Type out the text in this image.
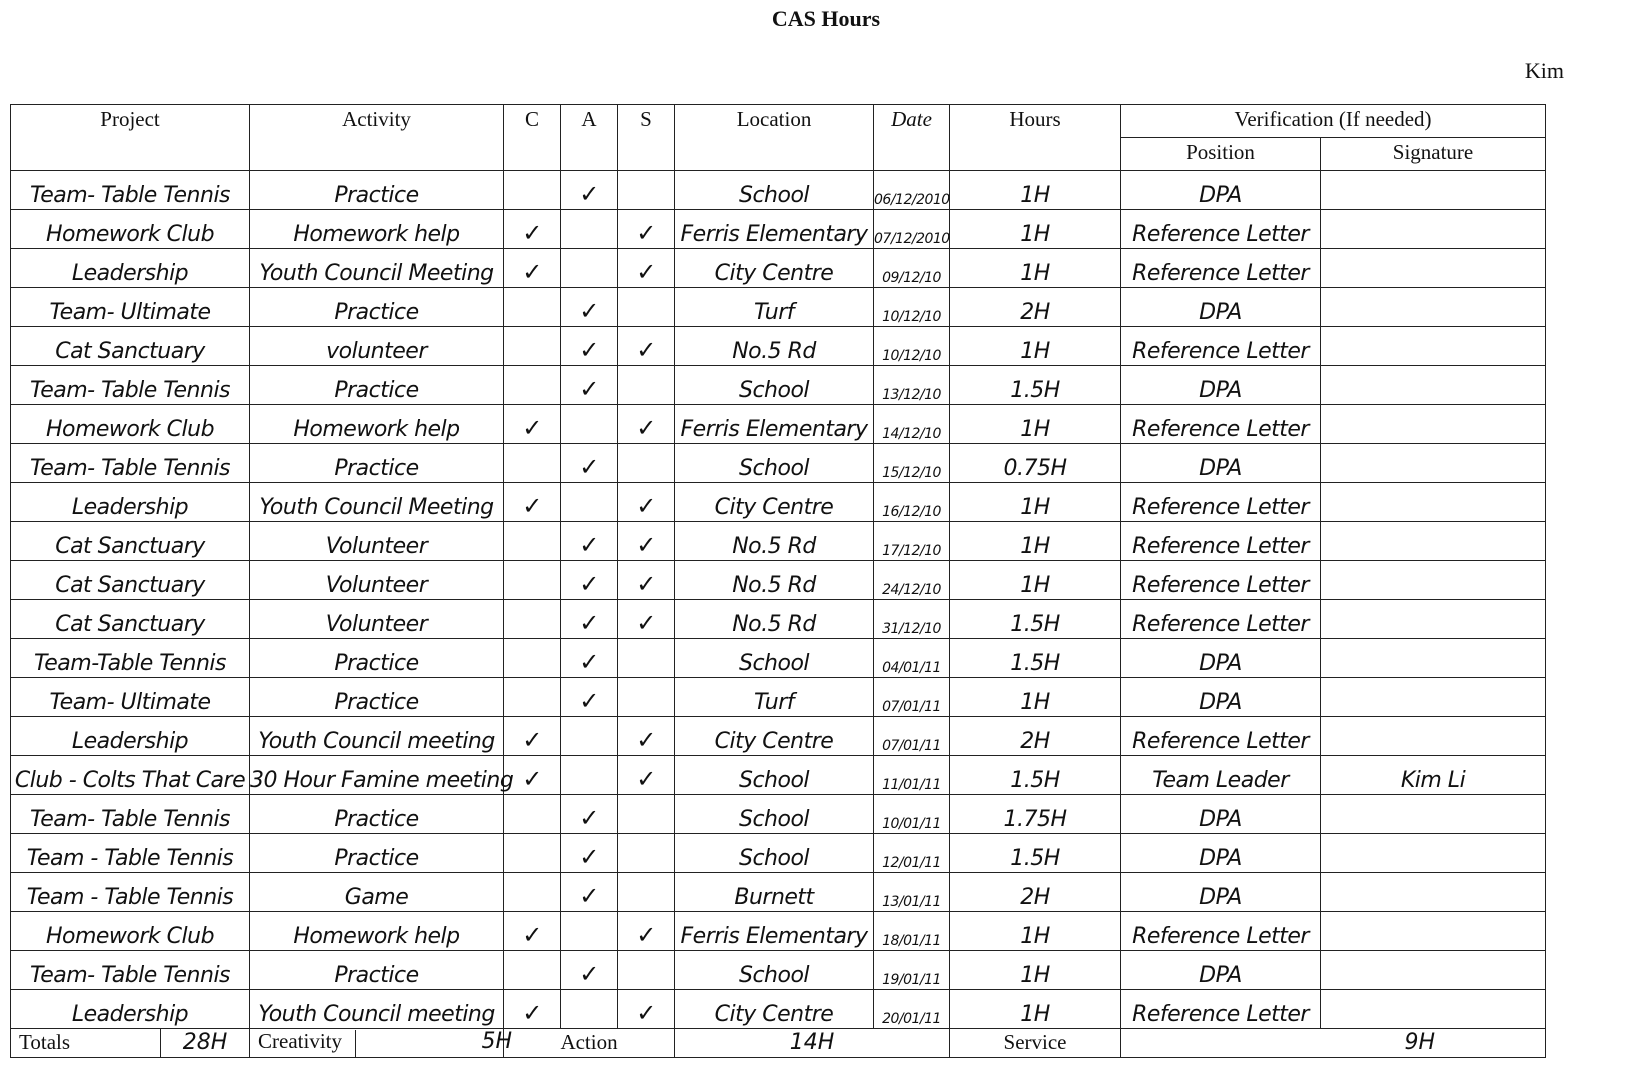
CAS Hours
Kim
Project		Activity	C	A	S	Location	Date	Hours	Verification (If needed)	
									Position	Signature
Team- Table Tennis		Practice		✓		School	06/12/2010	1H	DPA	
Homework Club		Homework help	✓		✓	Ferris Elementary	07/12/2010	1H	Reference Letter	
Leadership		Youth Council Meeting	✓		✓	City Centre	09/12/10	1H	Reference Letter	
Team- Ultimate		Practice		✓		Turf	10/12/10	2H	DPA	
Cat Sanctuary		volunteer		✓	✓	No.5 Rd	10/12/10	1H	Reference Letter	
Team- Table Tennis		Practice		✓		School	13/12/10	1.5H	DPA	
Homework Club		Homework help	✓		✓	Ferris Elementary	14/12/10	1H	Reference Letter	
Team- Table Tennis		Practice		✓		School	15/12/10	0.75H	DPA	
Leadership		Youth Council Meeting	✓		✓	City Centre	16/12/10	1H	Reference Letter	
Cat Sanctuary		Volunteer		✓	✓	No.5 Rd	17/12/10	1H	Reference Letter	
Cat Sanctuary		Volunteer		✓	✓	No.5 Rd	24/12/10	1H	Reference Letter	
Cat Sanctuary		Volunteer		✓	✓	No.5 Rd	31/12/10	1.5H	Reference Letter	
Team-Table Tennis		Practice		✓		School	04/01/11	1.5H	DPA	
Team- Ultimate		Practice		✓		Turf	07/01/11	1H	DPA	
Leadership		Youth Council meeting	✓		✓	City Centre	07/01/11	2H	Reference Letter	
Club - Colts That Care		30 Hour Famine meeting	✓		✓	School	11/01/11	1.5H	Team Leader	Kim Li
Team- Table Tennis		Practice		✓		School	10/01/11	1.75H	DPA	
Team - Table Tennis		Practice		✓		School	12/01/11	1.5H	DPA	
Team - Table Tennis		Game		✓		Burnett	13/01/11	2H	DPA	
Homework Club		Homework help	✓		✓	Ferris Elementary	18/01/11	1H	Reference Letter	
Team- Table Tennis		Practice		✓		School	19/01/11	1H	DPA	
Leadership		Youth Council meeting	✓		✓	City Centre	20/01/11	1H	Reference Letter	
Totals	28H	Creativity 5H	Action			14H		Service	9H	
